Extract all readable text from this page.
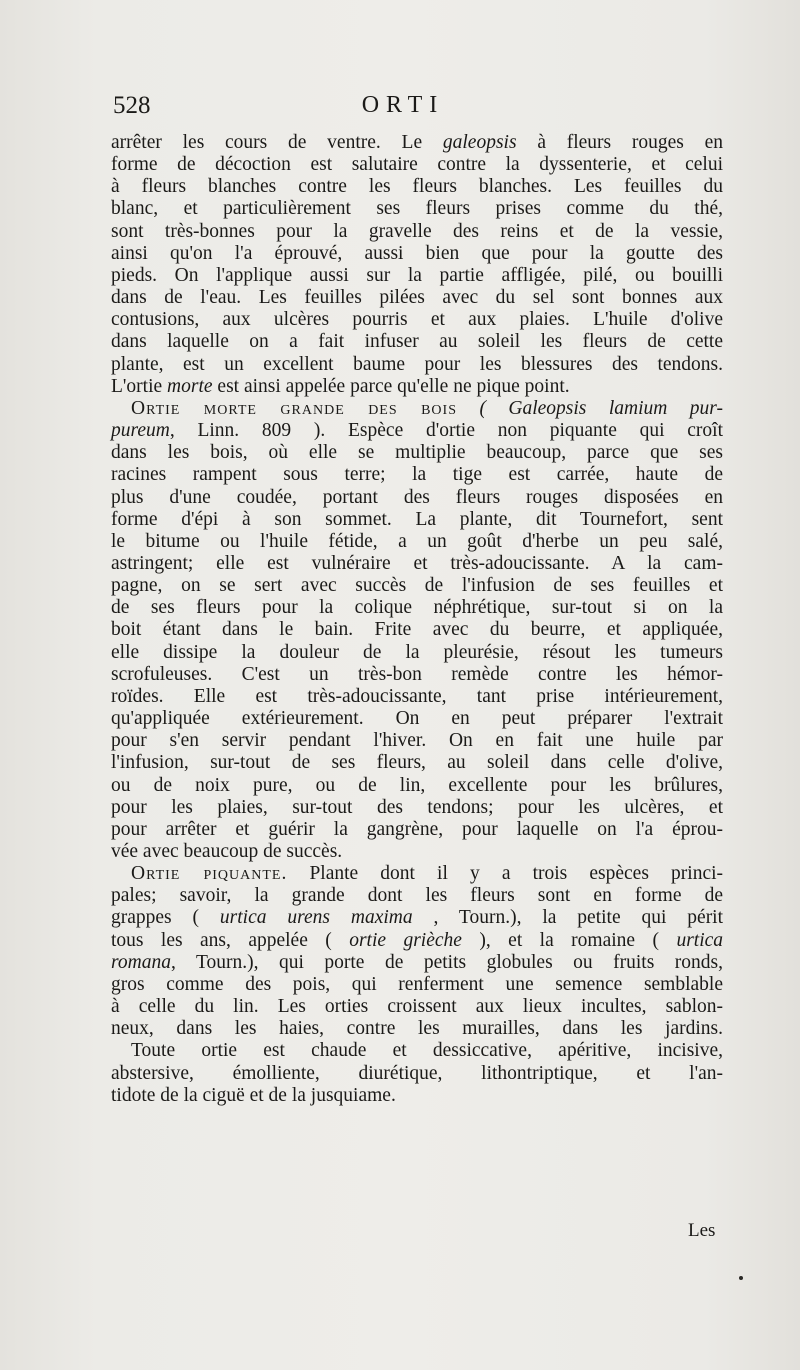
528	ORTI
arrêter les cours de ventre. Le galeopsis à fleurs rouges en
forme de décoction est salutaire contre la dyssenterie, et celui
à fleurs blanches contre les fleurs blanches. Les feuilles du
blanc, et particulièrement ses fleurs prises comme du thé,
sont très-bonnes pour la gravelle des reins et de la vessie,
ainsi qu'on l'a éprouvé, aussi bien que pour la goutte des
pieds. On l'applique aussi sur la partie affligée, pilé, ou bouilli
dans de l'eau. Les feuilles pilées avec du sel sont bonnes aux
contusions, aux ulcères pourris et aux plaies. L'huile d'olive
dans laquelle on a fait infuser au soleil les fleurs de cette
plante, est un excellent baume pour les blessures des tendons.
L'ortie morte est ainsi appelée parce qu'elle ne pique point.
Ortie morte grande des bois ( Galeopsis lamium pur-
pureum, Linn. 809 ). Espèce d'ortie non piquante qui croît
dans les bois, où elle se multiplie beaucoup, parce que ses
racines rampent sous terre; la tige est carrée, haute de
plus d'une coudée, portant des fleurs rouges disposées en
forme d'épi à son sommet. La plante, dit Tournefort, sent
le bitume ou l'huile fétide, a un goût d'herbe un peu salé,
astringent; elle est vulnéraire et très-adoucissante. A la cam-
pagne, on se sert avec succès de l'infusion de ses feuilles et
de ses fleurs pour la colique néphrétique, sur-tout si on la
boit étant dans le bain. Frite avec du beurre, et appliquée,
elle dissipe la douleur de la pleurésie, résout les tumeurs
scrofuleuses. C'est un très-bon remède contre les hémor-
roïdes. Elle est très-adoucissante, tant prise intérieurement,
qu'appliquée extérieurement. On en peut préparer l'extrait
pour s'en servir pendant l'hiver. On en fait une huile par
l'infusion, sur-tout de ses fleurs, au soleil dans celle d'olive,
ou de noix pure, ou de lin, excellente pour les brûlures,
pour les plaies, sur-tout des tendons; pour les ulcères, et
pour arrêter et guérir la gangrène, pour laquelle on l'a éprou-
vée avec beaucoup de succès.
Ortie piquante. Plante dont il y a trois espèces princi-
pales; savoir, la grande dont les fleurs sont en forme de
grappes ( urtica urens maxima , Tourn.), la petite qui périt
tous les ans, appelée ( ortie grièche ), et la romaine ( urtica
romana, Tourn.), qui porte de petits globules ou fruits ronds,
gros comme des pois, qui renferment une semence semblable
à celle du lin. Les orties croissent aux lieux incultes, sablon-
neux, dans les haies, contre les murailles, dans les jardins.
Toute ortie est chaude et dessiccative, apéritive, incisive,
abstersive, émolliente, diurétique, lithontriptique, et l'an-
tidote de la ciguë et de la jusquiame.
Les
